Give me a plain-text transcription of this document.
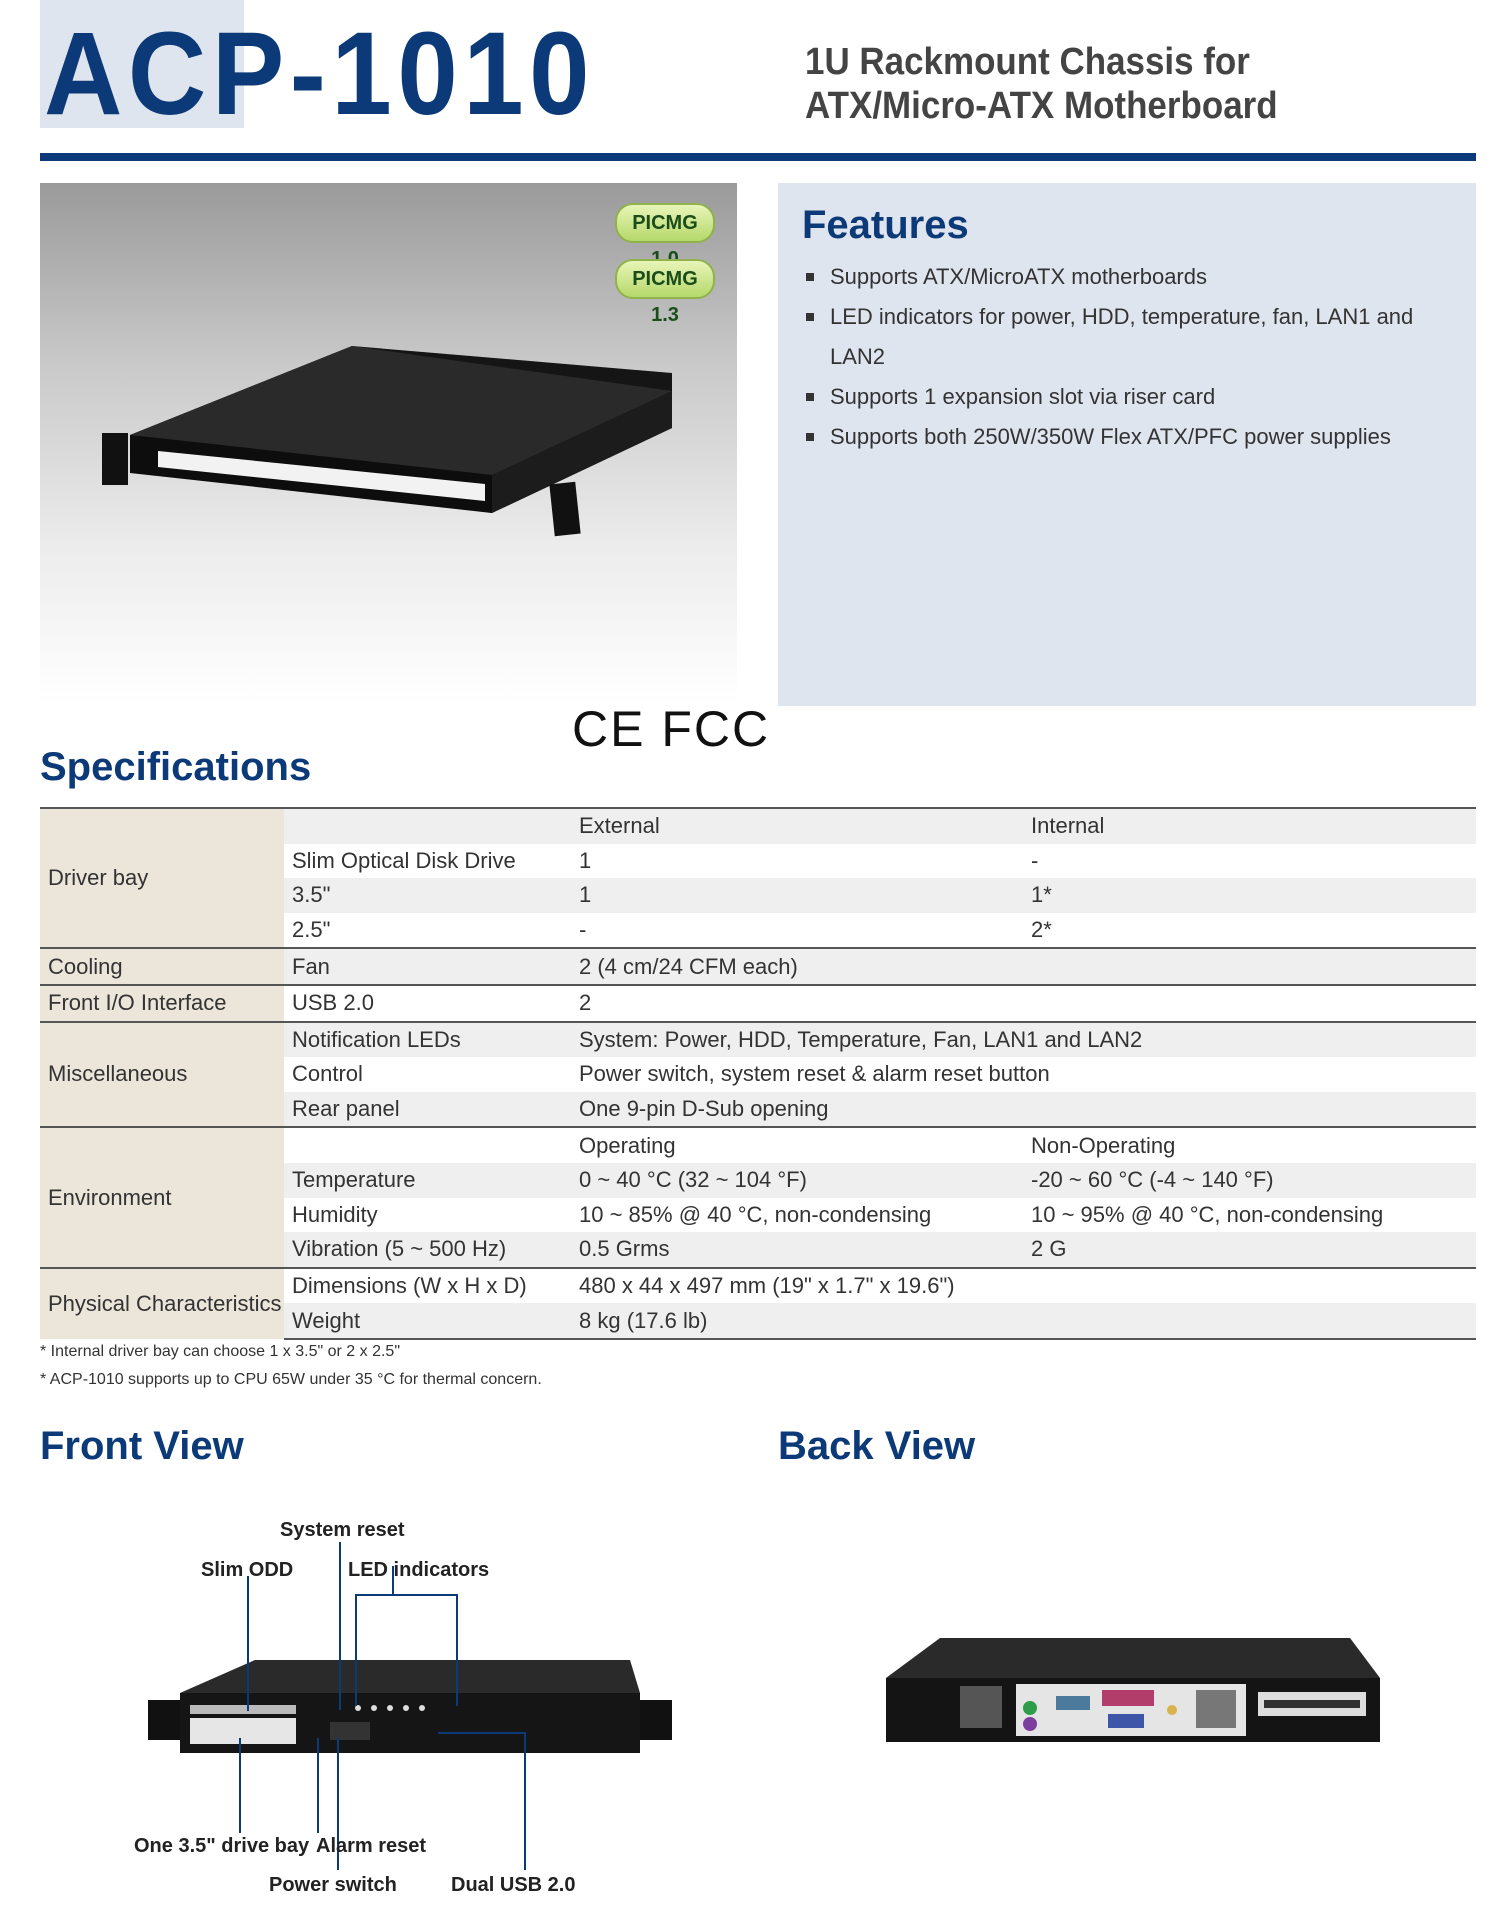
ACP-1010	1U Rackmount Chassis for ATX/Micro-ATX Motherboard
PICMG
PICMG 1.3
CE FCC
Features
Supports ATX/MicroATX motherboards
LED indicators for power, HDD, temperature, fan, LAN1 and LAN2
Supports 1 expansion slot via riser card
Supports both 250W/350W Flex ATX/PFC power supplies
Specifications
Driver bay		External	Internal
	Slim Optical Disk Drive	1	-
	3.5"	1	1*
	2.5"	-	2*
Cooling	Fan	2 (4 cm/24 CFM each)	
Front I/O Interface	USB 2.0	2	
Miscellaneous	Notification LEDs	System: Power, HDD, Temperature, Fan, LAN1 and LAN2	
	Control	Power switch, system reset & alarm reset button	
	Rear panel	One 9-pin D-Sub opening	
Environment		Operating	Non-Operating
	Temperature	0 ~ 40 °C (32 ~ 104 °F)	-20 ~ 60 °C (-4 ~ 140 °F)
	Humidity	10 ~ 85% @ 40 °C, non-condensing	10 ~ 95% @ 40 °C, non-condensing
	Vibration (5 ~ 500 Hz)	0.5 Grms	2 G
Physical Characteristics	Dimensions (W x H x D)	480 x 44 x 497 mm (19" x 1.7" x 19.6")	
	Weight	8 kg (17.6 lb)	
* Internal driver bay can choose 1 x 3.5" or 2 x 2.5"
* ACP-1010 supports up to CPU 65W under 35 °C for thermal concern.
Front View
System reset
Slim ODD	LED indicators
One 3.5" drive bay Alarm reset
Power switch	Dual USB 2.0
Back View
